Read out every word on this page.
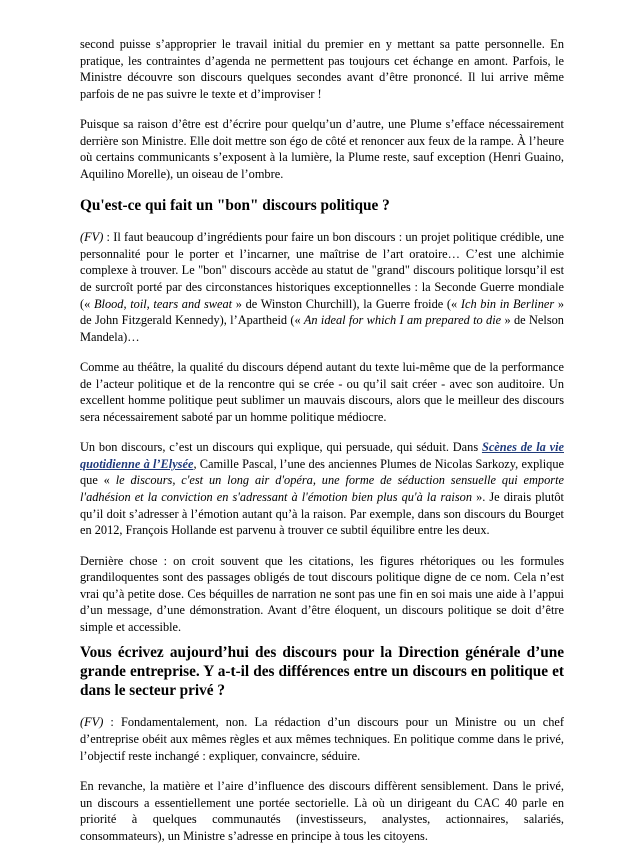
second puisse s’approprier le travail initial du premier en y mettant sa patte personnelle. En pratique, les contraintes d’agenda ne permettent pas toujours cet échange en amont. Parfois, le Ministre découvre son discours quelques secondes avant d’être prononcé. Il lui arrive même parfois de ne pas suivre le texte et d’improviser !

Puisque sa raison d’être est d’écrire pour quelqu’un d’autre, une Plume s’efface nécessairement derrière son Ministre. Elle doit mettre son égo de côté et renoncer aux feux de la rampe. À l’heure où certains communicants s’exposent à la lumière, la Plume reste, sauf exception (Henri Guaino, Aquilino Morelle), un oiseau de l’ombre.

Qu'est-ce qui fait un "bon" discours politique ?

(FV) : Il faut beaucoup d’ingrédients pour faire un bon discours : un projet politique crédible, une personnalité pour le porter et l’incarner, une maîtrise de l’art oratoire… C’est une alchimie complexe à trouver. Le "bon" discours accède au statut de "grand" discours politique lorsqu’il est de surcroît porté par des circonstances historiques exceptionnelles : la Seconde Guerre mondiale (« Blood, toil, tears and sweat » de Winston Churchill), la Guerre froide (« Ich bin in Berliner » de John Fitzgerald Kennedy), l’Apartheid (« An ideal for which I am prepared to die » de Nelson Mandela)…

Comme au théâtre, la qualité du discours dépend autant du texte lui-même que de la performance de l’acteur politique et de la rencontre qui se crée - ou qu’il sait créer - avec son auditoire. Un excellent homme politique peut sublimer un mauvais discours, alors que le meilleur des discours sera nécessairement saboté par un homme politique médiocre.

Un bon discours, c’est un discours qui explique, qui persuade, qui séduit. Dans Scènes de la vie quotidienne à l’Elysée, Camille Pascal, l’une des anciennes Plumes de Nicolas Sarkozy, explique que « le discours, c'est un long air d'opéra, une forme de séduction sensuelle qui emporte l'adhésion et la conviction en s'adressant à l'émotion bien plus qu'à la raison ». Je dirais plutôt qu’il doit s’adresser à l’émotion autant qu’à la raison. Par exemple, dans son discours du Bourget en 2012, François Hollande est parvenu à trouver ce subtil équilibre entre les deux.

Dernière chose : on croit souvent que les citations, les figures rhétoriques ou les formules grandiloquentes sont des passages obligés de tout discours politique digne de ce nom. Cela n’est vrai qu’à petite dose. Ces béquilles de narration ne sont pas une fin en soi mais une aide à l’appui d’un message, d’une démonstration. Avant d’être éloquent, un discours politique se doit d’être simple et accessible.

Vous écrivez aujourd’hui des discours pour la Direction générale d’une grande entreprise. Y a-t-il des différences entre un discours en politique et dans le secteur privé ?

(FV) : Fondamentalement, non. La rédaction d’un discours pour un Ministre ou un chef d’entreprise obéit aux mêmes règles et aux mêmes techniques. En politique comme dans le privé, l’objectif reste inchangé : expliquer, convaincre, séduire.

En revanche, la matière et l’aire d’influence des discours diffèrent sensiblement. Dans le privé, un discours a essentiellement une portée sectorielle. Là où un dirigeant du CAC 40 parle en priorité à quelques communautés (investisseurs, analystes, actionnaires, salariés, consommateurs), un Ministre s’adresse en principe à tous les citoyens.
